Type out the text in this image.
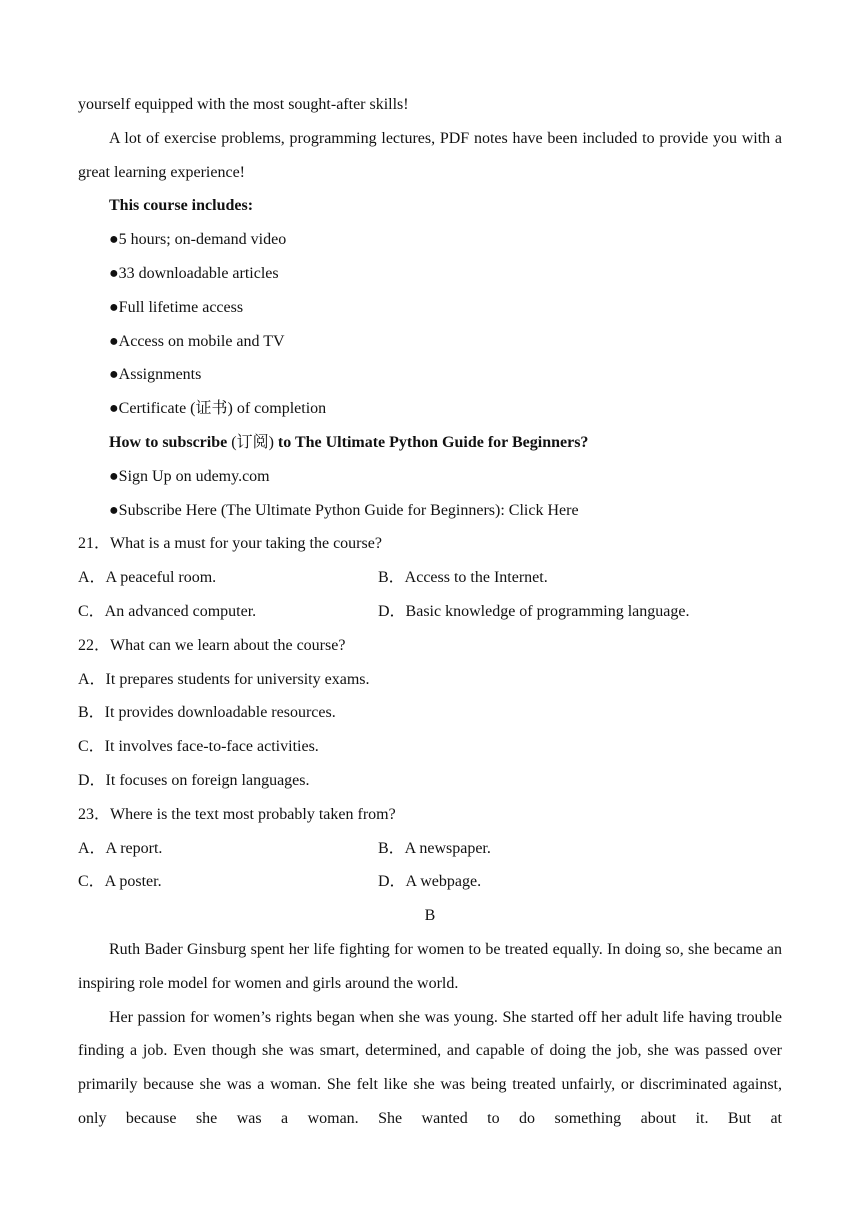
yourself equipped with the most sought-after skills!

A lot of exercise problems, programming lectures, PDF notes have been included to provide you with a great learning experience!

This course includes:

●5 hours; on-demand video

●33 downloadable articles

●Full lifetime access

●Access on mobile and TV

●Assignments

●Certificate (证书) of completion

How to subscribe (订阅) to The Ultimate Python Guide for Beginners?

●Sign Up on udemy.com

●Subscribe Here (The Ultimate Python Guide for Beginners): Click Here

21．What is a must for your taking the course?

A．A peaceful room.	B．Access to the Internet.
C．An advanced computer.	D．Basic knowledge of programming language.

22．What can we learn about the course?

A．It prepares students for university exams.

B．It provides downloadable resources.

C．It involves face-to-face activities.

D．It focuses on foreign languages.

23．Where is the text most probably taken from?

A．A report.	B．A newspaper.
C．A poster.	D．A webpage.

B

Ruth Bader Ginsburg spent her life fighting for women to be treated equally. In doing so, she became an inspiring role model for women and girls around the world.

Her passion for women’s rights began when she was young. She started off her adult life having trouble finding a job. Even though she was smart, determined, and capable of doing the job, she was passed over primarily because she was a woman. She felt like she was being treated unfairly, or discriminated against, only because she was a woman. She wanted to do something about it. But at
